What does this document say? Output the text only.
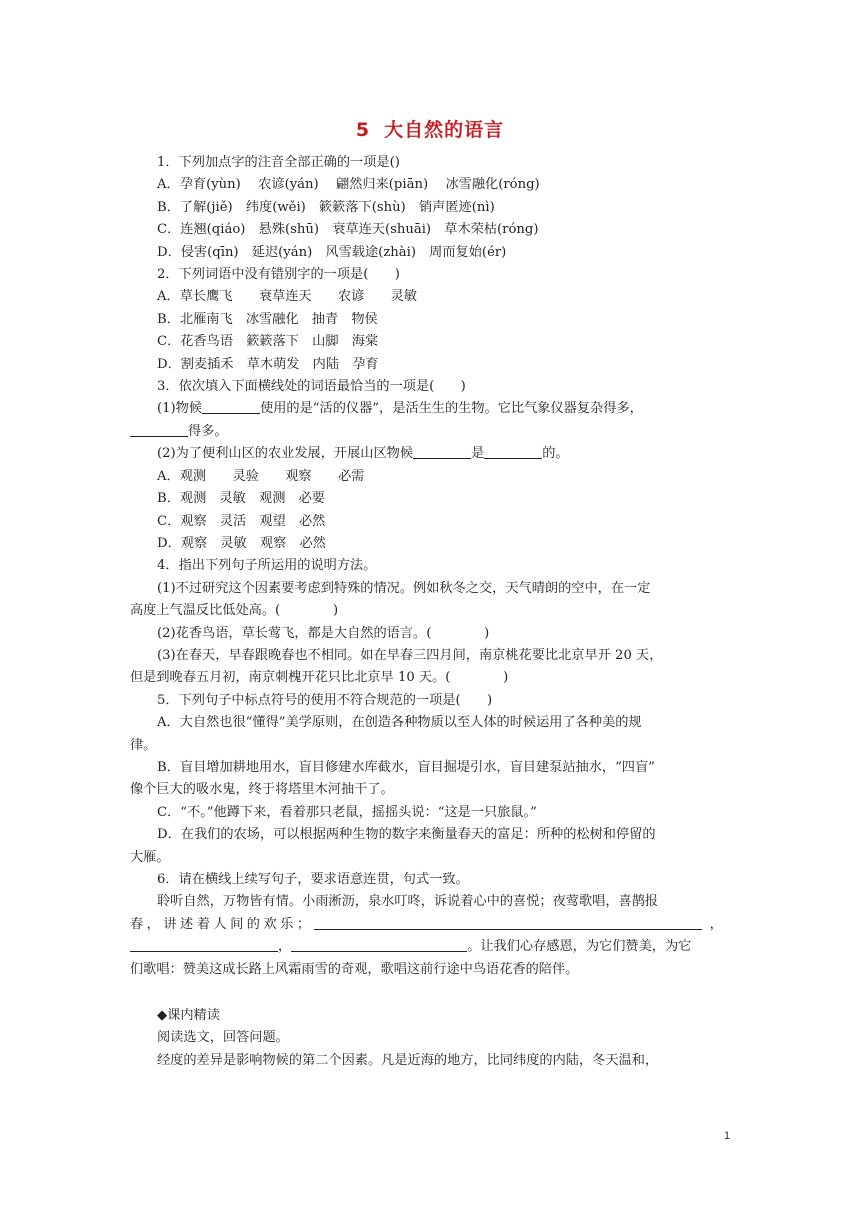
5 大自然的语言
1．下列加点字的注音全部正确的一项是()
A．孕育(yùn)　 农谚(yán)　 翩然归来(piān)　 冰雪融化(róng)
B．了解(jiě)　纬度(wěi)　簌簌落下(shù)　销声匿迹(nì)
C．连翘(qiáo)　悬殊(shū)　衰草连天(shuāi)　草木荣枯(róng)
D．侵害(qīn)　延迟(yán)　风雪载途(zhài)　周而复始(ér)
2．下列词语中没有错别字的一项是(　　)
A．草长鹰飞　　衰草连天　　农谚　　灵敏
B．北雁南飞　冰雪融化　抽青　物侯
C．花香鸟语　簌簌落下　山脚　海棠
D．割麦插禾　草木萌发　内陆　孕育
3．依次填入下面横线处的词语最恰当的一项是(　　)
(1)物候	使用的是“活的仪器”，是活生生的生物。它比气象仪器复杂得多，
得多。
(2)为了便利山区的农业发展，开展山区物候	是	的。
A．观测　　灵验　　观察　　必需
B．观测　灵敏　观测　必要
C．观察　灵活　观望　必然
D．观察　灵敏　观察　必然
4．指出下列句子所运用的说明方法。
(1)不过研究这个因素要考虑到特殊的情况。例如秋冬之交，天气晴朗的空中，在一定
高度上气温反比低处高。(　　　　)
(2)花香鸟语，草长莺飞，都是大自然的语言。(　　　　)
(3)在春天，早春跟晚春也不相同。如在早春三四月间，南京桃花要比北京早开 20 天，
但是到晚春五月初，南京刺槐开花只比北京早 10 天。(　　　　)
5．下列句子中标点符号的使用不符合规范的一项是(　　)
A．大自然也很“懂得”美学原则，在创造各种物质以至人体的时候运用了各种美的规
律。
B．盲目增加耕地用水，盲目修建水库截水，盲目掘堤引水，盲目建泵站抽水，“四盲”
像个巨大的吸水鬼，终于将塔里木河抽干了。
C．“不。”他蹲下来，看着那只老鼠，摇摇头说：“这是一只旅鼠。”
D．在我们的农场，可以根据两种生物的数字来衡量春天的富足：所种的松树和停留的
大雁。
6．请在横线上续写句子，要求语意连贯，句式一致。
聆听自然，万物皆有情。小雨淅沥，泉水叮咚，诉说着心中的喜悦；夜莺歌唱，喜鹊报
春，讲述着人间的欢乐；	，
，	。让我们心存感恩，为它们赞美，为它
们歌唱：赞美这成长路上风霜雨雪的奇观，歌唱这前行途中鸟语花香的陪伴。
◆课内精读
阅读选文，回答问题。
经度的差异是影响物候的第二个因素。凡是近海的地方，比同纬度的内陆，冬天温和，
1
